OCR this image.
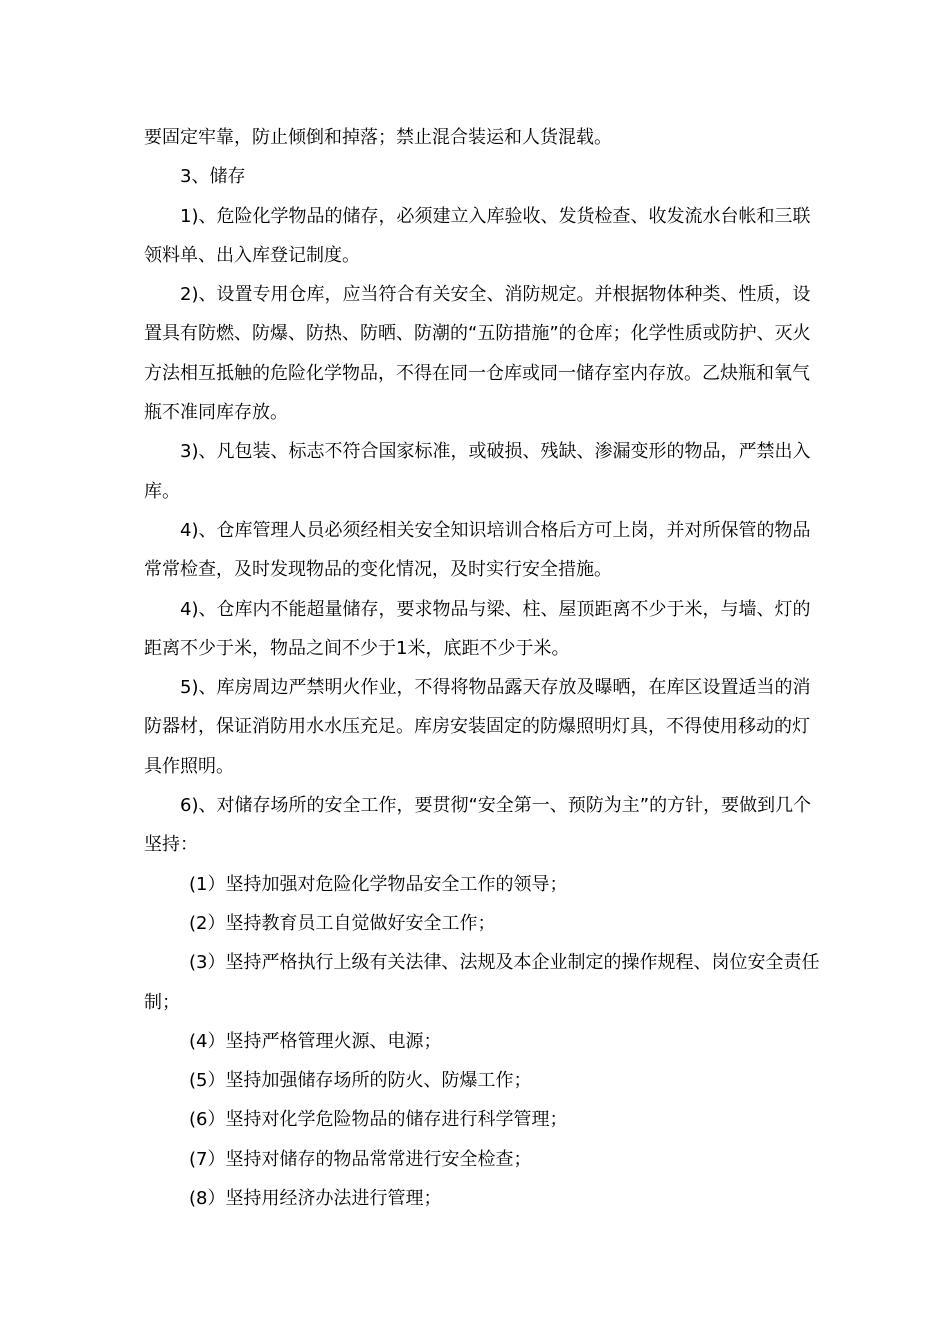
要固定牢靠，防止倾倒和掉落；禁止混合装运和人货混载。

3、储存

1)、危险化学物品的储存，必须建立入库验收、发货检查、收发流水台帐和三联领料单、出入库登记制度。

2)、设置专用仓库，应当符合有关安全、消防规定。并根据物体种类、性质，设置具有防燃、防爆、防热、防晒、防潮的“五防措施”的仓库；化学性质或防护、灭火方法相互抵触的危险化学物品，不得在同一仓库或同一储存室内存放。乙炔瓶和氧气瓶不准同库存放。

3)、凡包装、标志不符合国家标准，或破损、残缺、渗漏变形的物品，严禁出入库。

4)、仓库管理人员必须经相关安全知识培训合格后方可上岗，并对所保管的物品常常检查，及时发现物品的变化情况，及时实行安全措施。

4)、仓库内不能超量储存，要求物品与梁、柱、屋顶距离不少于米，与墙、灯的距离不少于米，物品之间不少于1米，底距不少于米。

5)、库房周边严禁明火作业，不得将物品露天存放及曝晒，在库区设置适当的消防器材，保证消防用水水压充足。库房安装固定的防爆照明灯具，不得使用移动的灯具作照明。

6)、对储存场所的安全工作，要贯彻“安全第一、预防为主”的方针，要做到几个坚持：

(1）坚持加强对危险化学物品安全工作的领导；

(2）坚持教育员工自觉做好安全工作；

(3）坚持严格执行上级有关法律、法规及本企业制定的操作规程、岗位安全责任制；

(4）坚持严格管理火源、电源；

(5）坚持加强储存场所的防火、防爆工作；

(6）坚持对化学危险物品的储存进行科学管理；

(7）坚持对储存的物品常常进行安全检查；

(8）坚持用经济办法进行管理；
